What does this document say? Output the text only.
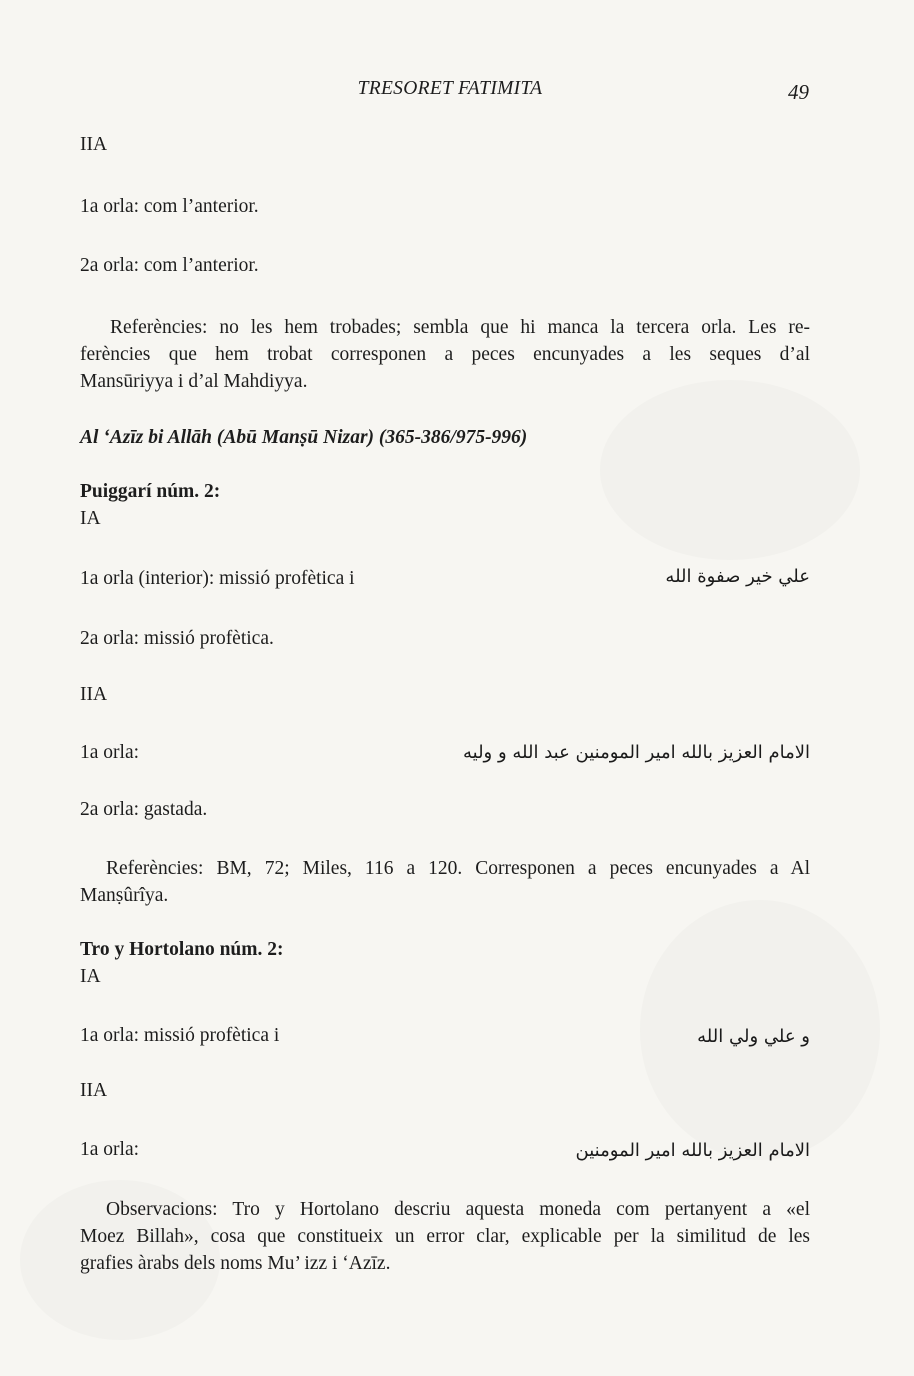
TRESORET FATIMITA	49
IIA
1a orla: com l’anterior.
2a orla: com l’anterior.
Referències: no les hem trobades; sembla que hi manca la tercera orla. Les re-
ferències que hem trobat corresponen a peces encunyades a les seques d’al
Mansūriyya i d’al Mahdiyya.
Al ‘Azīz bi Allāh (Abū Manṣū Nizar) (365-386/975-996)
Puiggarí núm. 2:
IA
1a orla (interior): missió profètica i	علي خير صفوة الله
2a orla: missió profètica.
IIA
1a orla:	الامام العزيز بالله امير المومنين عبد الله و وليه
2a orla: gastada.
Referències: BM, 72; Miles, 116 a 120. Corresponen a peces encunyades a Al
Manṣûrîya.
Tro y Hortolano núm. 2:
IA
1a orla: missió profètica i	و علي ولي الله
IIA
1a orla:	الامام العزيز بالله امير المومنين
Observacions: Tro y Hortolano descriu aquesta moneda com pertanyent a «el
Moez Billah», cosa que constitueix un error clar, explicable per la similitud de les
grafies àrabs dels noms Mu’ izz i ‘Azīz.
